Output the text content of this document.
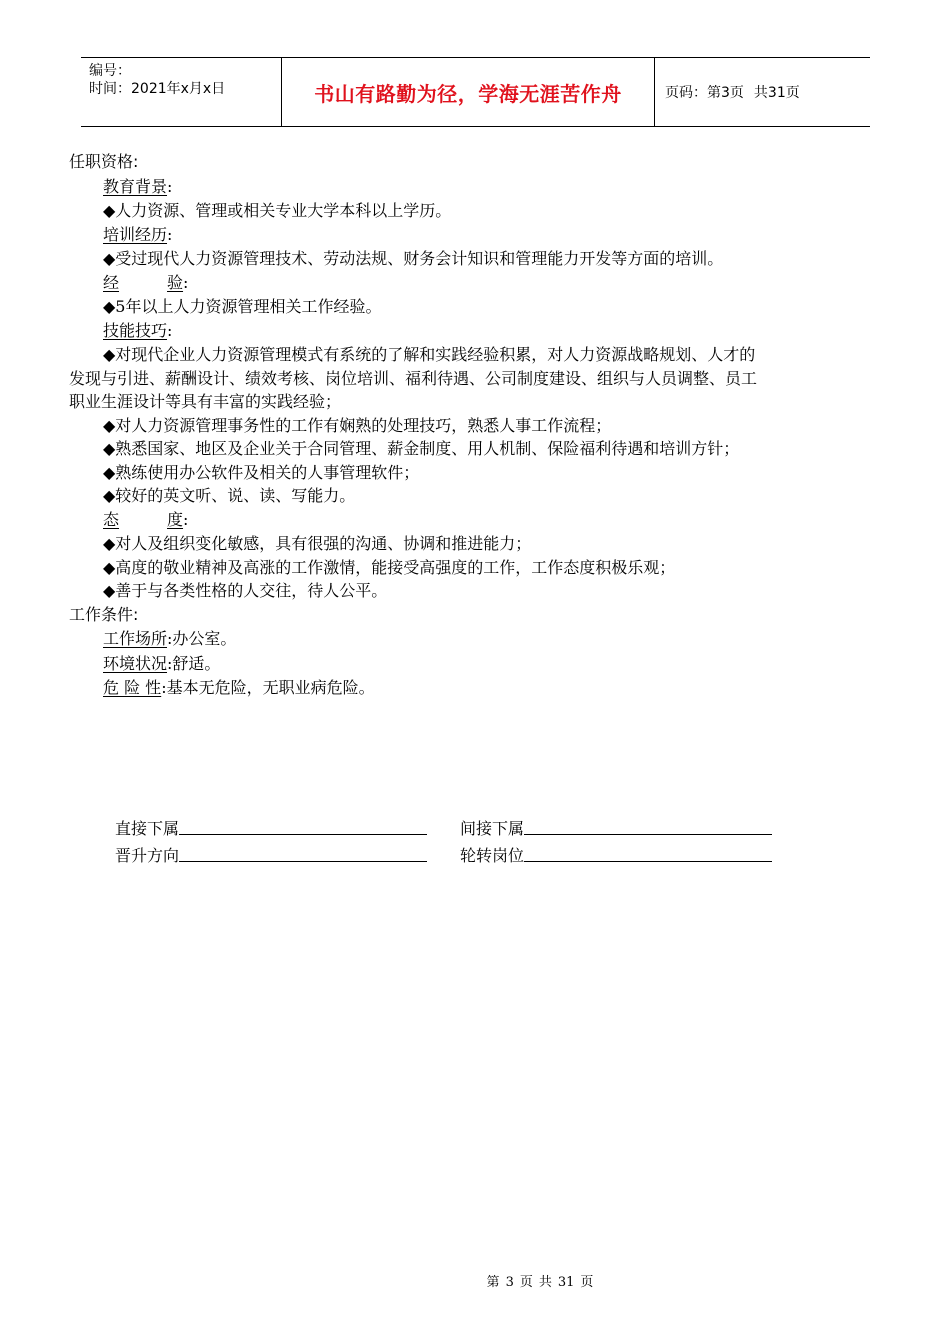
编号：
时间：2021年x月x日	书山有路勤为径，学海无涯苦作舟	页码：第3页 共31页
任职资格:
教育背景:
◆人力资源、管理或相关专业大学本科以上学历。
培训经历:
◆受过现代人力资源管理技术、劳动法规、财务会计知识和管理能力开发等方面的培训。
经	验:
◆5年以上人力资源管理相关工作经验。
技能技巧:
◆对现代企业人力资源管理模式有系统的了解和实践经验积累，对人力资源战略规划、人才的发现与引进、薪酬设计、绩效考核、岗位培训、福利待遇、公司制度建设、组织与人员调整、员工职业生涯设计等具有丰富的实践经验；
◆对人力资源管理事务性的工作有娴熟的处理技巧，熟悉人事工作流程；
◆熟悉国家、地区及企业关于合同管理、薪金制度、用人机制、保险福利待遇和培训方针；
◆熟练使用办公软件及相关的人事管理软件；
◆较好的英文听、说、读、写能力。
态	度:
◆对人及组织变化敏感，具有很强的沟通、协调和推进能力；
◆高度的敬业精神及高涨的工作激情，能接受高强度的工作，工作态度积极乐观；
◆善于与各类性格的人交往，待人公平。
工作条件:
工作场所:办公室。
环境状况:舒适。
危 险 性:基本无危险，无职业病危险。
直接下属	间接下属
晋升方向	轮转岗位
第 3 页 共 31 页
